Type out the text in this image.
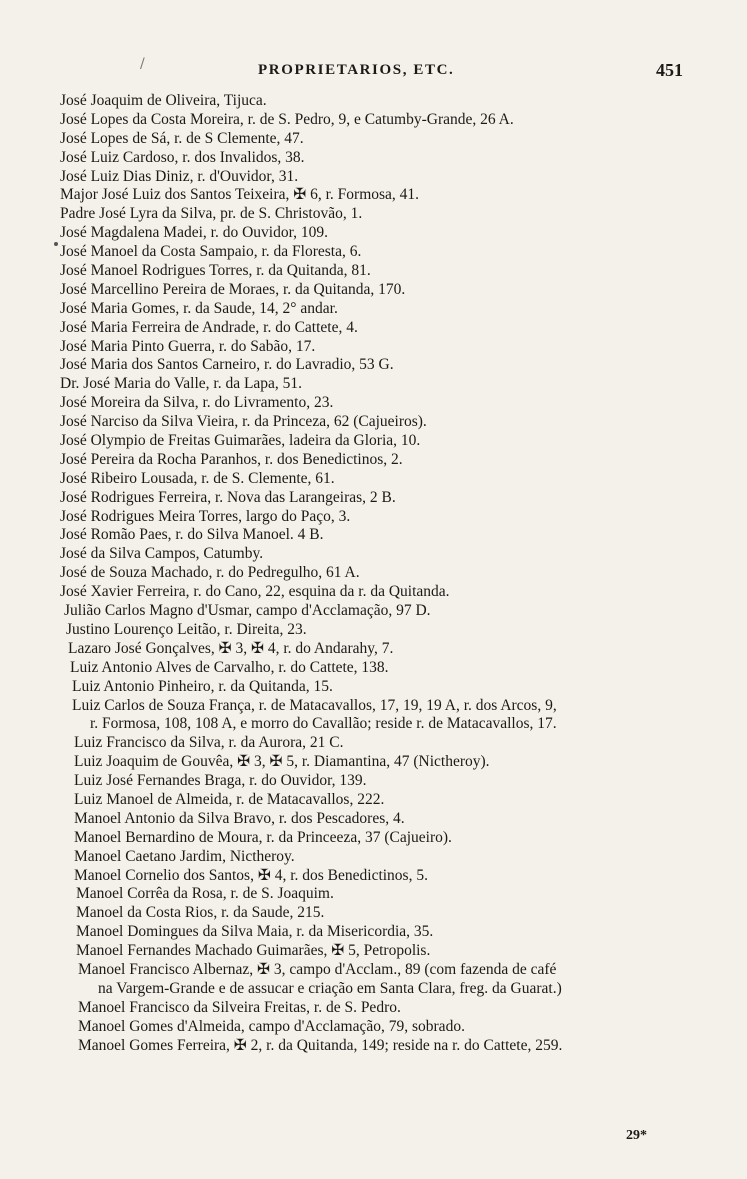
/	PROPRIETARIOS, ETC.	451
José Joaquim de Oliveira, Tijuca.
José Lopes da Costa Moreira, r. de S. Pedro, 9, e Catumby-Grande, 26 A.
José Lopes de Sá, r. de S Clemente, 47.
José Luiz Cardoso, r. dos Invalidos, 38.
José Luiz Dias Diniz, r. d'Ouvidor, 31.
Major José Luiz dos Santos Teixeira, ✠ 6, r. Formosa, 41.
Padre José Lyra da Silva, pr. de S. Christovão, 1.
José Magdalena Madei, r. do Ouvidor, 109.
José Manoel da Costa Sampaio, r. da Floresta, 6.
José Manoel Rodrigues Torres, r. da Quitanda, 81.
José Marcellino Pereira de Moraes, r. da Quitanda, 170.
José Maria Gomes, r. da Saude, 14, 2° andar.
José Maria Ferreira de Andrade, r. do Cattete, 4.
José Maria Pinto Guerra, r. do Sabão, 17.
José Maria dos Santos Carneiro, r. do Lavradio, 53 G.
Dr. José Maria do Valle, r. da Lapa, 51.
José Moreira da Silva, r. do Livramento, 23.
José Narciso da Silva Vieira, r. da Princeza, 62 (Cajueiros).
José Olympio de Freitas Guimarães, ladeira da Gloria, 10.
José Pereira da Rocha Paranhos, r. dos Benedictinos, 2.
José Ribeiro Lousada, r. de S. Clemente, 61.
José Rodrigues Ferreira, r. Nova das Larangeiras, 2 B.
José Rodrigues Meira Torres, largo do Paço, 3.
José Romão Paes, r. do Silva Manoel. 4 B.
José da Silva Campos, Catumby.
José de Souza Machado, r. do Pedregulho, 61 A.
José Xavier Ferreira, r. do Cano, 22, esquina da r. da Quitanda.
Julião Carlos Magno d'Usmar, campo d'Acclamação, 97 D.
Justino Lourenço Leitão, r. Direita, 23.
Lazaro José Gonçalves, ✠ 3, ✠ 4, r. do Andarahy, 7.
Luiz Antonio Alves de Carvalho, r. do Cattete, 138.
Luiz Antonio Pinheiro, r. da Quitanda, 15.
Luiz Carlos de Souza França, r. de Matacavallos, 17, 19, 19 A, r. dos Arcos, 9,
r. Formosa, 108, 108 A, e morro do Cavallão; reside r. de Matacavallos, 17.
Luiz Francisco da Silva, r. da Aurora, 21 C.
Luiz Joaquim de Gouvêa, ✠ 3, ✠ 5, r. Diamantina, 47 (Nictheroy).
Luiz José Fernandes Braga, r. do Ouvidor, 139.
Luiz Manoel de Almeida, r. de Matacavallos, 222.
Manoel Antonio da Silva Bravo, r. dos Pescadores, 4.
Manoel Bernardino de Moura, r. da Princeeza, 37 (Cajueiro).
Manoel Caetano Jardim, Nictheroy.
Manoel Cornelio dos Santos, ✠ 4, r. dos Benedictinos, 5.
Manoel Corrêa da Rosa, r. de S. Joaquim.
Manoel da Costa Rios, r. da Saude, 215.
Manoel Domingues da Silva Maia, r. da Misericordia, 35.
Manoel Fernandes Machado Guimarães, ✠ 5, Petropolis.
Manoel Francisco Albernaz, ✠ 3, campo d'Acclam., 89 (com fazenda de café
na Vargem-Grande e de assucar e criação em Santa Clara, freg. da Guarat.)
Manoel Francisco da Silveira Freitas, r. de S. Pedro.
Manoel Gomes d'Almeida, campo d'Acclamação, 79, sobrado.
Manoel Gomes Ferreira, ✠ 2, r. da Quitanda, 149; reside na r. do Cattete, 259.
29*
